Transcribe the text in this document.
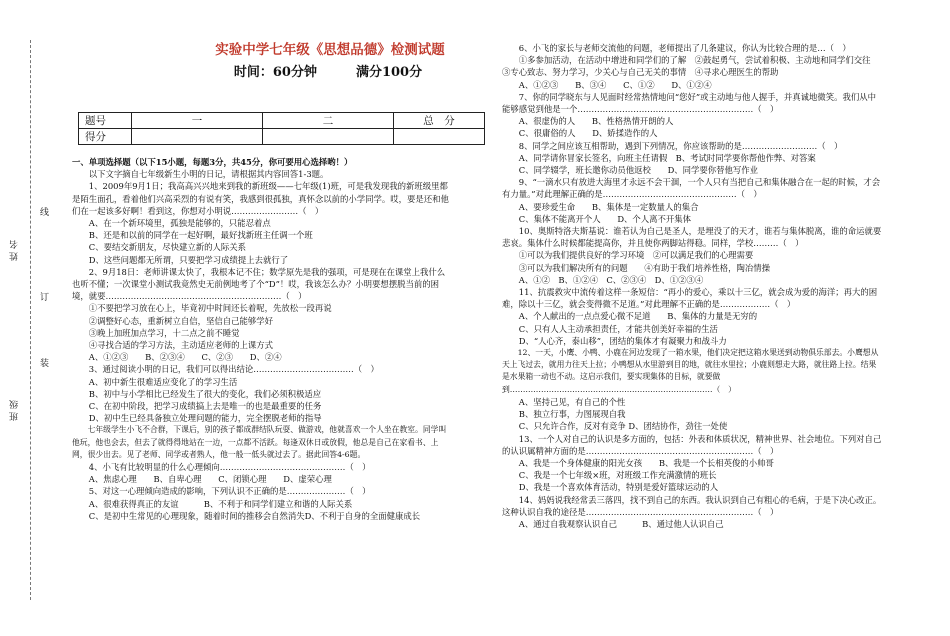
姓 名
班 级
线
订
装
实验中学七年级《思想品德》检测试题
时间：60分钟　　　满分100分
题号	一	二	总　分
得分			

一、单项选择题（以下15小题，每题3分，共45分，你可要用心选择哟！）

以下文字摘自七年级新生小明的日记，请根据其内容回答1-3题。

1、2009年9月1日；我高高兴兴地来到我的新班级——七年级(1)班，可是我发现我的新班级里都是陌生面孔，看着他们兴高采烈的有说有笑，我感到很孤独，真怀念以前的小学同学。哎，要是还和他们在一起该多好啊！看到这，你想对小明说……………………（　）

A、在一个新环境里，孤独是能够的，只能忍着点

B、还是和以前的同学在一起好啊，最好找新班主任调一个班

C、要结交新朋友，尽快建立新的人际关系

D、这些问题都无所谓，只要把学习成绩提上去就行了

2、9月18日：老师讲课太快了，我根本记不住；数学原先是我的强项，可是现在在课堂上我什么也听不懂；一次课堂小测试我竟然史无前例地考了个“D”！哎，我该怎么办？小明要想摆脱当前的困境，就要………………………………………………………（　）

①不要把学习放在心上，毕竟初中时间还长着呢，先放松一段再说

②调整好心态，重新树立自信，坚信自己能够学好

③晚上加班加点学习，十二点之前不睡觉

④寻找合适的学习方法，主动适应老师的上课方式

A、①②③　　B、②③④　　C、②③　　D、②④

3、通过阅读小明的日记，我们可以得出结论………………………………（　）

A、初中新生很难适应变化了的学习生活

B、初中与小学相比已经发生了很大的变化，我们必须积极适应

C、在初中阶段，把学习成绩搞上去是唯一的也是最重要的任务

D、初中生已经具备独立处理问题的能力，完全摆脱老师的指导

七年级学生小飞不合群，下课后，别的孩子都成群结队玩耍、做游戏，他就喜欢一个人坐在教室。同学叫他玩，他也会去，但去了就得得地站在一边，一点都不活跃。每逢双休日或放假，他总是自己在家看书、上网，很少出去。见了老师、同学或者熟人，他一般一低头就过去了。据此回答4-6题。

4、小飞有比较明显的什么心理倾向………………………………………（　）

A、焦虑心理　　B、自卑心理　　C、闭锁心理　　D、虚荣心理

5、对这一心理倾向造成的影响，下列认识不正确的是…………………（　）

A、很难获得真正的友谊　　　B、不利于和同学们建立和谐的人际关系

C、是初中生常见的心理现象，随着时间的推移会自然消失D、不利于自身的全面健康成长

6、小飞的家长与老师交流他的问题，老师提出了几条建议，你认为比较合理的是…（　）

①多参加活动，在活动中增进和同学们的了解　②鼓起勇气，尝试着积极、主动地和同学们交往　③专心致志、努力学习，少关心与自己无关的事情　④寻求心理医生的帮助

A、①②③　　B、③④　　C、①②　　D、①②④

7、你的同学晓东与人见面时经常热情地问“您好”或主动地与他人握手，并真诚地微笑。我们从中能够感觉到他是一个………………………………………………………（　）

A、很虚伪的人　　B、性格热情开朗的人

C、很庸俗的人　　D、娇揉造作的人

8、同学之间应该互相帮助，遇到下列情况，你应该帮助的是………………………（　）

A、同学请你冒家长签名，向班主任请假　B、考试时同学要你帮他作弊、对答案

C、同学辍学，班长邀你动员他返校　　D、同学要你替他写作业

9、“一滴水只有放进大海里才永远不会干涸，一个人只有当把自己和集体融合在一起的时候，才会有力量。”对此理解正确的是…………………………………………（　）

A、要珍爱生命　　B、集体是一定数量人的集合

C、集体不能离开个人　　D、个人离不开集体

10、奥斯特洛夫斯基说：谁若认为自己是圣人，是埋没了的天才，谁若与集体脱离，谁的命运就要悲哀。集体什么时候都能提高你，并且使你两脚站得稳。同样，学校………（　）

①可以为我们提供良好的学习环境　②可以满足我们的心理需要

③可以为我们解决所有的问题　　④有助于我们培养性格，陶冶情操

A、①②　B、①②④　C、②③④　D、①②③④

11、抗震救灾中流传着这样一条短信：“再小的爱心，乘以十三亿，就会成为爱的海洋；再大的困难，除以十三亿，就会变得微不足道。”对此理解不正确的是………………（　）

A、个人献出的一点点爱心微不足道　　B、集体的力量是无穷的

C、只有人人主动承担责任，才能共创美好幸福的生活

D、“人心齐，泰山移”，团结的集体才有凝聚力和战斗力

12、一天，小鹰、小鸭、小鹿在河边发现了一箱水果，他们决定把这箱水果送到动物俱乐部去。小鹰想从天上飞过去，就用力往天上拉；小鸭想从水里游到目的地，就往水里拉；小鹿则想走大路，就往路上拉。结果是水果箱一动也不动。这启示我们，要实现集体的目标，就要做到……………………………………………………………………（　）

A、坚持己见，有自己的个性

B、独立行事，力图展现自我

C、只允许合作，反对有竞争 D、团结协作，劲往一处使

13、一个人对自己的认识是多方面的，包括：外表和体质状况，精神世界、社会地位。下列对自己的认识属精神方面的是……………………………………………………（　）

A、我是一个身体健康的阳光女孩　　B、我是一个长相英俊的小帅哥

C、我是一个七年级×班，对班级工作充满激情的班长

D、我是一个喜欢体育活动，特别是爱好篮球运动的人

14、妈妈说我经常丢三落四，找不到自己的东西。我认识到自己有粗心的毛病，于是下决心改正。这种认识自我的途径是……………………………………………………（　）

A、通过自我观察认识自己　　　B、通过他人认识自己
